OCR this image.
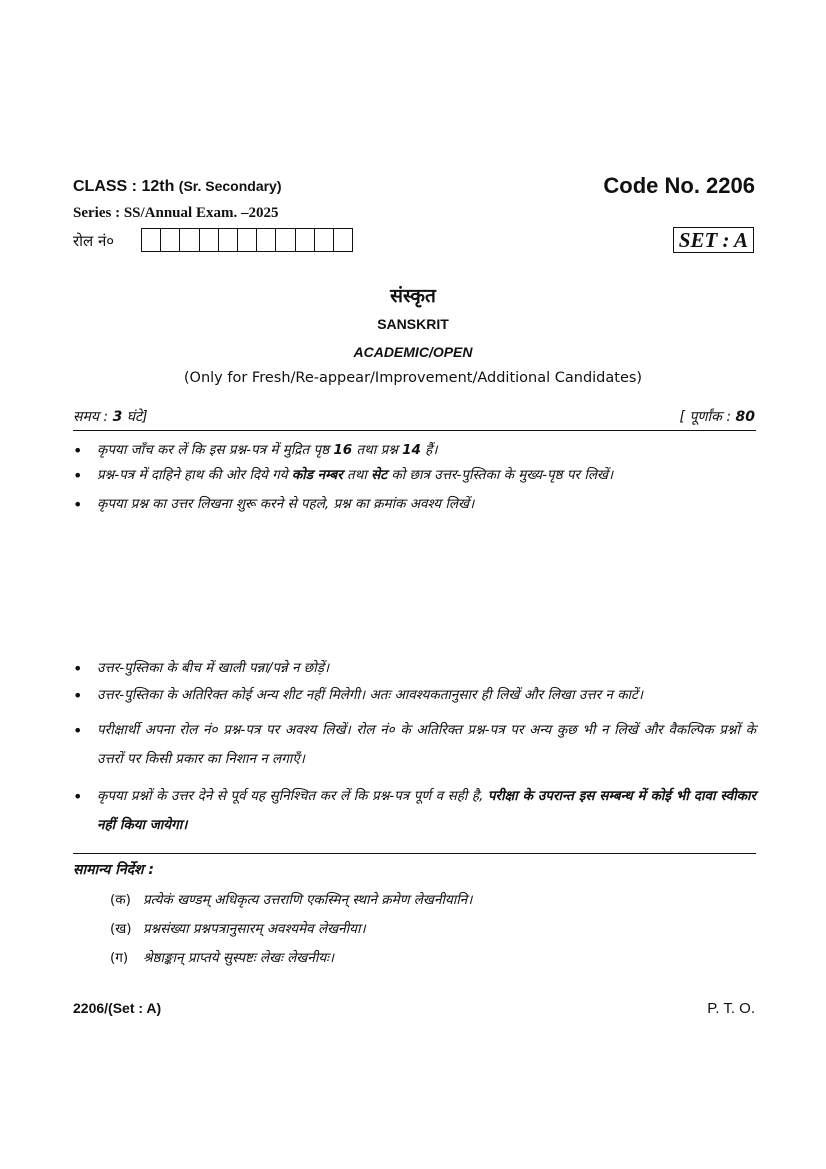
CLASS : 12th (Sr. Secondary)	Code No. 2206
Series : SS/Annual Exam. –2025
रोल नं०	SET : A
संस्कृत
SANSKRIT
ACADEMIC/OPEN
(Only for Fresh/Re-appear/Improvement/Additional Candidates)
समय : 3 घंटे]	[ पूर्णांक : 80
•	कृपया जाँच कर लें कि इस प्रश्न-पत्र में मुद्रित पृष्ठ 16 तथा प्रश्न 14 हैं।
•	प्रश्न-पत्र में दाहिने हाथ की ओर दिये गये कोड नम्बर तथा सेट को छात्र उत्तर-पुस्तिका के मुख्य-पृष्ठ पर लिखें।
•	कृपया प्रश्न का उत्तर लिखना शुरू करने से पहले, प्रश्न का क्रमांक अवश्य लिखें।
•	उत्तर-पुस्तिका के बीच में खाली पन्ना/पन्ने न छोड़ें।
•	उत्तर-पुस्तिका के अतिरिक्त कोई अन्य शीट नहीं मिलेगी। अतः आवश्यकतानुसार ही लिखें और लिखा उत्तर न काटें।
•	परीक्षार्थी अपना रोल नं० प्रश्न-पत्र पर अवश्य लिखें। रोल नं० के अतिरिक्त प्रश्न-पत्र पर अन्य कुछ भी न लिखें और वैकल्पिक प्रश्नों के उत्तरों पर किसी प्रकार का निशान न लगाएँ।
•	कृपया प्रश्नों के उत्तर देने से पूर्व यह सुनिश्चित कर लें कि प्रश्न-पत्र पूर्ण व सही है, परीक्षा के उपरान्त इस सम्बन्ध में कोई भी दावा स्वीकार नहीं किया जायेगा।
सामान्य निर्देश :
(क) प्रत्येकं खण्डम् अधिकृत्य उत्तराणि एकस्मिन् स्थाने क्रमेण लेखनीयानि।
(ख) प्रश्नसंख्या प्रश्नपत्रानुसारम् अवश्यमेव लेखनीया।
(ग)	श्रेष्ठाङ्कान् प्राप्तये सुस्पष्टः लेखः लेखनीयः।
2206/(Set : A)	P. T. O.
